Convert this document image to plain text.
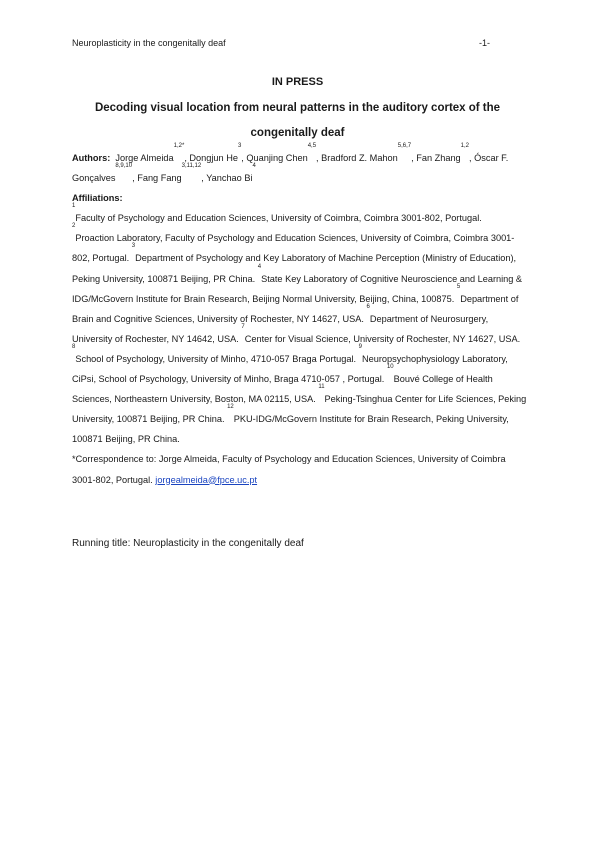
Neuroplasticity in the congenitally deaf	-1-
IN PRESS
Decoding visual location from neural patterns in the auditory cortex of the congenitally deaf

Authors: Jorge Almeida$^{1,2*}$, Dongjun He$^3$, Quanjing Chen$^{4,5}$, Bradford Z. Mahon$^{5,6,7}$, Fan Zhang$^{1,2}$, Óscar F. Gonçalves$^{8,9,10}$, Fang Fang$^{3,11,12}$, Yanchao Bi$^4$

Affiliations:

$^1$Faculty of Psychology and Education Sciences, University of Coimbra, Coimbra 3001-802, Portugal.
$^2$Proaction Laboratory, Faculty of Psychology and Education Sciences, University of Coimbra, Coimbra 3001-802, Portugal. $^3$Department of Psychology and Key Laboratory of Machine Perception (Ministry of Education), Peking University, 100871 Beijing, PR China. $^4$State Key Laboratory of Cognitive Neuroscience and Learning & IDG/McGovern Institute for Brain Research, Beijing Normal University, Beijing, China, 100875. $^5$Department of Brain and Cognitive Sciences, University of Rochester, NY 14627, USA. $^6$Department of Neurosurgery, University of Rochester, NY 14642, USA. $^7$Center for Visual Science, University of Rochester, NY 14627, USA.
$^8$School of Psychology, University of Minho, 4710-057 Braga Portugal. $^9$Neuropsychophysiology Laboratory, CiPsi, School of Psychology, University of Minho, Braga 4710-057 , Portugal. $^{10}$Bouvé College of Health Sciences, Northeastern University, Boston, MA 02115, USA. $^{11}$Peking-Tsinghua Center for Life Sciences, Peking University, 100871 Beijing, PR China. $^{12}$PKU-IDG/McGovern Institute for Brain Research, Peking University, 100871 Beijing, PR China.

*Correspondence to: Jorge Almeida, Faculty of Psychology and Education Sciences, University of Coimbra 3001-802, Portugal. jorgealmeida@fpce.uc.pt

Running title: Neuroplasticity in the congenitally deaf
